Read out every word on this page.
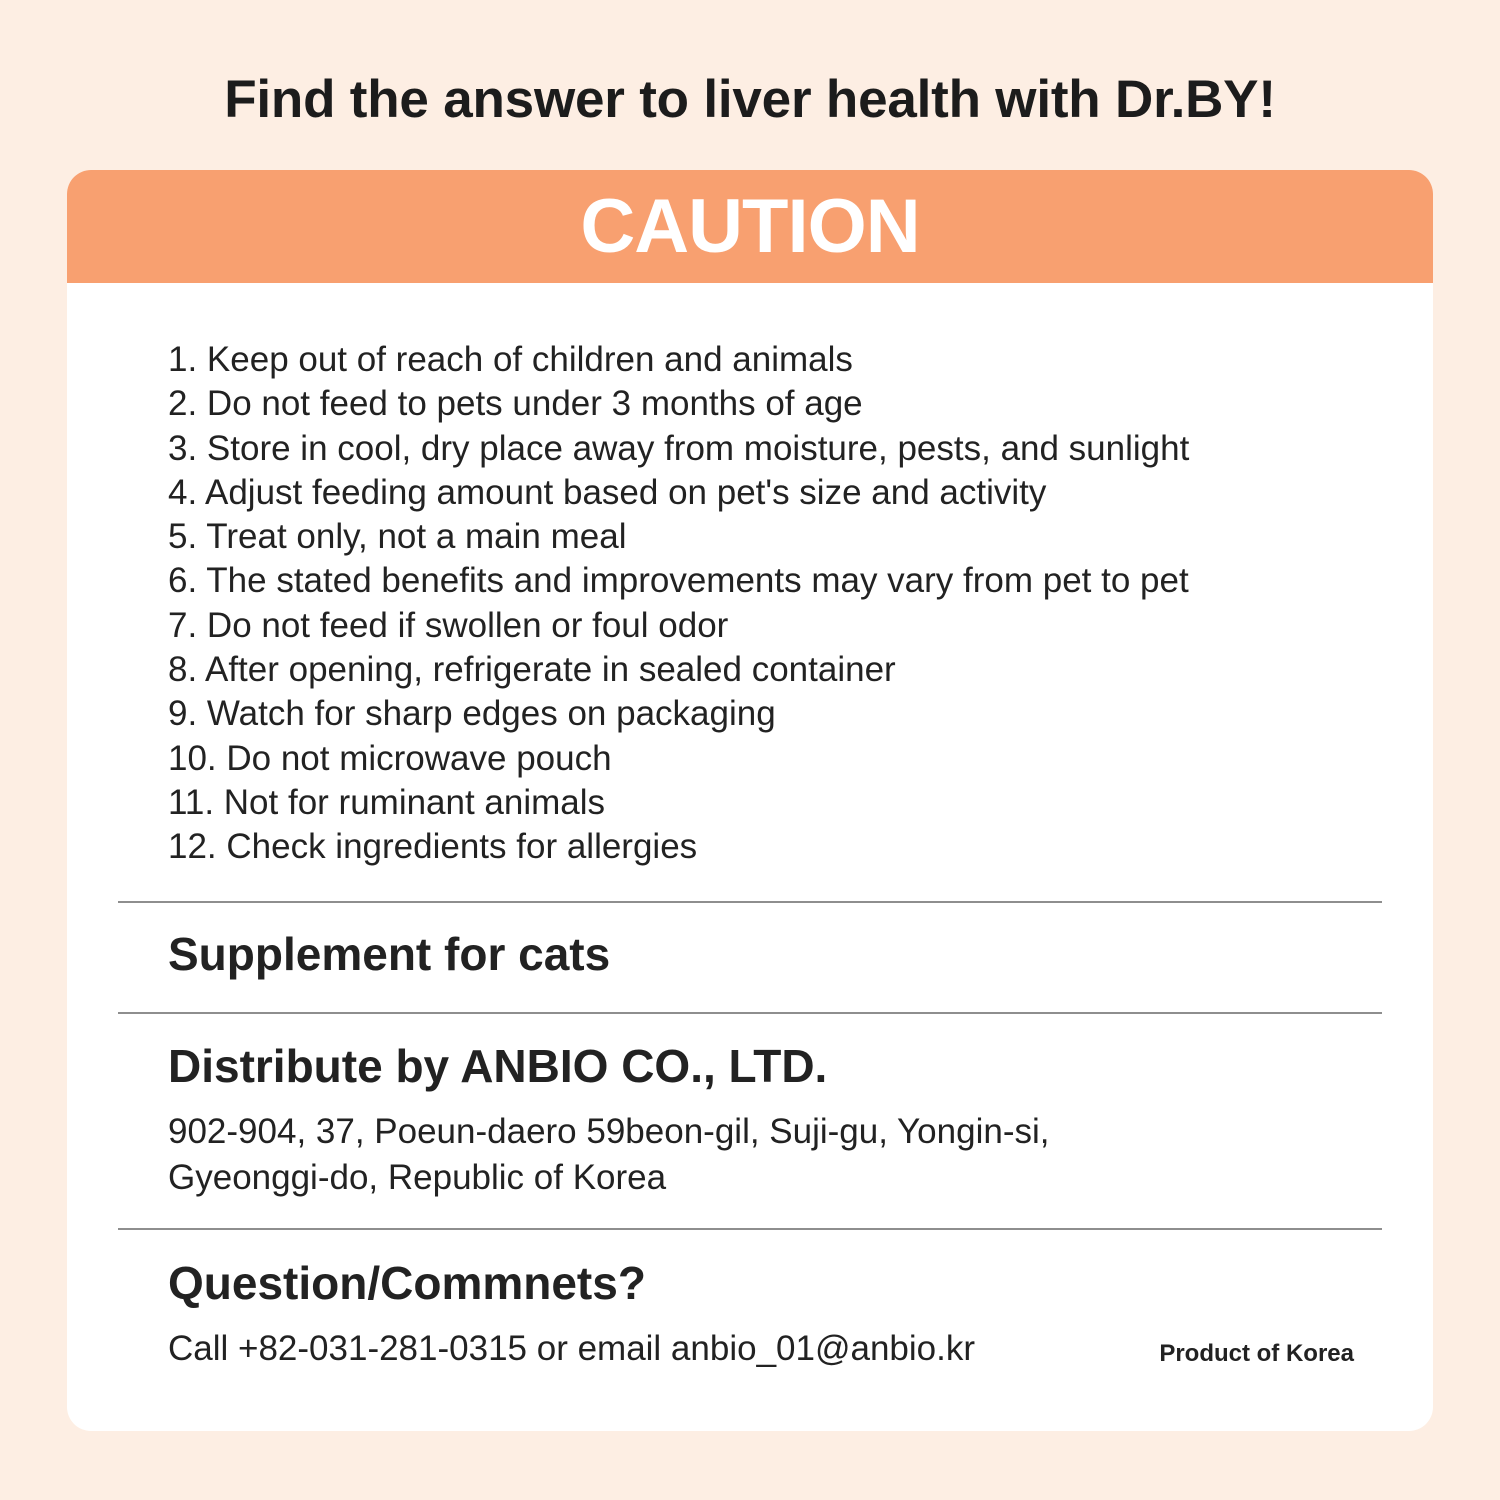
Find the answer to liver health with Dr.BY!
CAUTION
1. Keep out of reach of children and animals
2. Do not feed to pets under 3 months of age
3. Store in cool, dry place away from moisture, pests, and sunlight
4. Adjust feeding amount based on pet's size and activity
5. Treat only, not a main meal
6. The stated benefits and improvements may vary from pet to pet
7. Do not feed if swollen or foul odor
8. After opening, refrigerate in sealed container
9. Watch for sharp edges on packaging
10. Do not microwave pouch
11. Not for ruminant animals
12. Check ingredients for allergies
Supplement for cats
Distribute by ANBIO CO., LTD.
902-904, 37, Poeun-daero 59beon-gil, Suji-gu, Yongin-si,
Gyeonggi-do, Republic of Korea
Question/Commnets?
Call +82-031-281-0315 or email anbio_01@anbio.kr	Product of Korea
